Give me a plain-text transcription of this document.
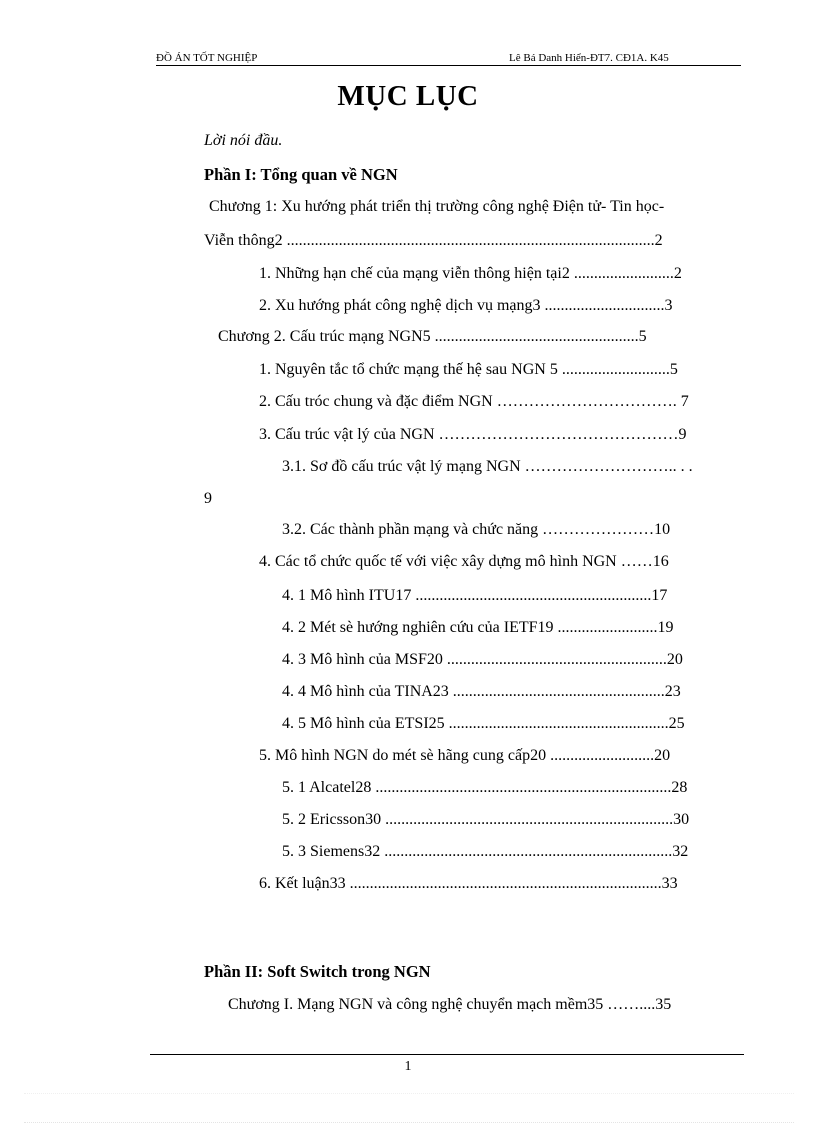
ĐỒ ÁN TỐT NGHIỆP	Lê Bá Danh Hiển-ĐT7. CĐ1A. K45
MỤC LỤC
Lời nói đầu.
Phần I: Tổng quan về NGN
Chương 1: Xu hướng phát triển thị trường công nghệ Điện tử- Tin học-
Viễn thông2 ............................................................................................2
1. Những hạn chế của mạng viễn thông hiện tại2 .........................2
2. Xu hướng phát công nghệ dịch vụ mạng3 ..............................3
Chương 2. Cấu trúc mạng NGN5 ...................................................5
1. Nguyên tắc tổ chức mạng thế hệ sau NGN 5 ...........................5
2. Cấu tróc chung và đặc điểm NGN ……………………………. 7
3. Cấu trúc vật lý của NGN ………………………………………9
3.1. Sơ đồ cấu trúc vật lý mạng NGN ……………………….. . .
9
3.2. Các thành phần mạng và chức năng …………………10
4. Các tổ chức quốc tế với việc xây dựng mô hình NGN ……16
4. 1 Mô hình ITU17 ...........................................................17
4. 2 Mét sè hướng nghiên cứu của IETF19 .........................19
4. 3 Mô hình của MSF20 .......................................................20
4. 4 Mô hình của TINA23 .....................................................23
4. 5 Mô hình của ETSI25 .......................................................25
5. Mô hình NGN do mét sè hãng cung cấp20 ..........................20
5. 1 Alcatel28 ..........................................................................28
5. 2 Ericsson30 ........................................................................30
5. 3 Siemens32 ........................................................................32
6. Kết luận33 ..............................................................................33
Phần II: Soft Switch trong NGN
Chương I. Mạng NGN và công nghệ chuyển mạch mềm35 ……....35
1
